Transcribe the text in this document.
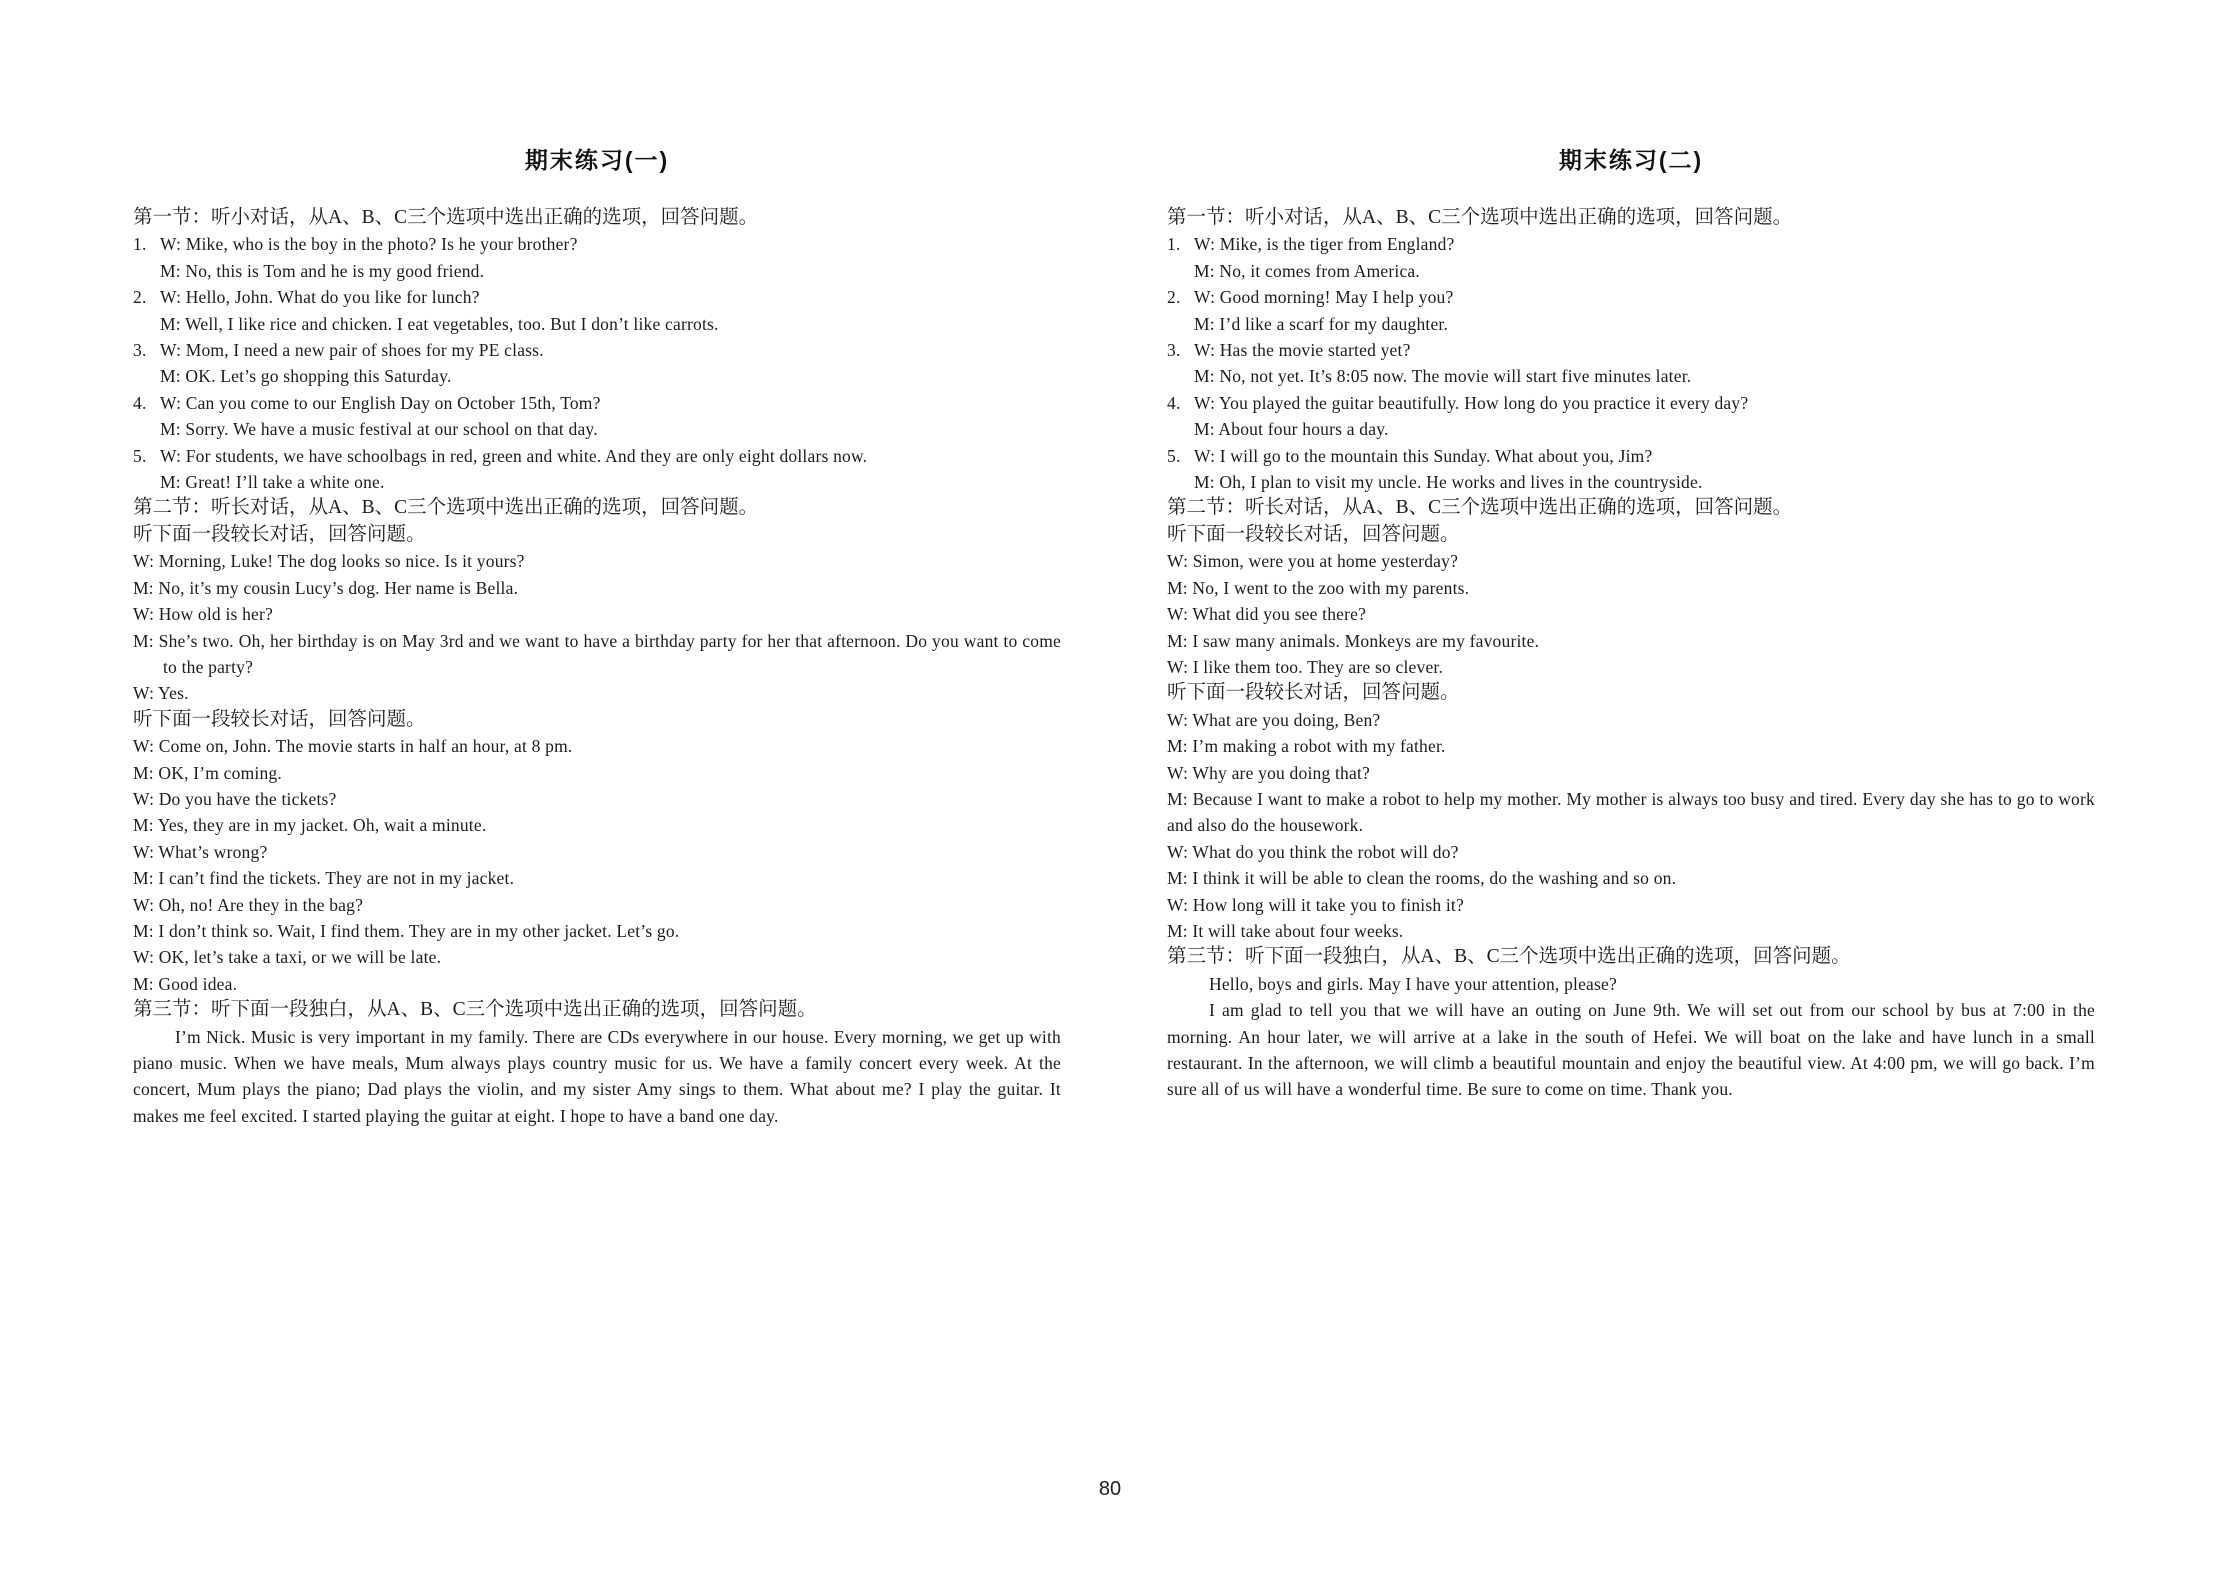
期末练习(一)
第一节：听小对话，从A、B、C三个选项中选出正确的选项，回答问题。
1. W: Mike, who is the boy in the photo? Is he your brother?
M: No, this is Tom and he is my good friend.
2. W: Hello, John. What do you like for lunch?
M: Well, I like rice and chicken. I eat vegetables, too. But I don’t like carrots.
3. W: Mom, I need a new pair of shoes for my PE class.
M: OK. Let’s go shopping this Saturday.
4. W: Can you come to our English Day on October 15th, Tom?
M: Sorry. We have a music festival at our school on that day.
5. W: For students, we have schoolbags in red, green and white. And they are only eight dollars now.
M: Great! I’ll take a white one.
第二节：听长对话，从A、B、C三个选项中选出正确的选项，回答问题。
听下面一段较长对话，回答问题。
W: Morning, Luke! The dog looks so nice. Is it yours?
M: No, it’s my cousin Lucy’s dog. Her name is Bella.
W: How old is her?
M: She’s two. Oh, her birthday is on May 3rd and we want to have a birthday party for her that afternoon. Do you want to come to the party?
W: Yes.
听下面一段较长对话，回答问题。
W: Come on, John. The movie starts in half an hour, at 8 pm.
M: OK, I’m coming.
W: Do you have the tickets?
M: Yes, they are in my jacket. Oh, wait a minute.
W: What’s wrong?
M: I can’t find the tickets. They are not in my jacket.
W: Oh, no! Are they in the bag?
M: I don’t think so. Wait, I find them. They are in my other jacket. Let’s go.
W: OK, let’s take a taxi, or we will be late.
M: Good idea.
第三节：听下面一段独白，从A、B、C三个选项中选出正确的选项，回答问题。
I’m Nick. Music is very important in my family. There are CDs everywhere in our house. Every morning, we get up with piano music. When we have meals, Mum always plays country music for us. We have a family concert every week. At the concert, Mum plays the piano; Dad plays the violin, and my sister Amy sings to them. What about me? I play the guitar. It makes me feel excited. I started playing the guitar at eight. I hope to have a band one day.
期末练习(二)
第一节：听小对话，从A、B、C三个选项中选出正确的选项，回答问题。
1. W: Mike, is the tiger from England?
M: No, it comes from America.
2. W: Good morning! May I help you?
M: I’d like a scarf for my daughter.
3. W: Has the movie started yet?
M: No, not yet. It’s 8:05 now. The movie will start five minutes later.
4. W: You played the guitar beautifully. How long do you practice it every day?
M: About four hours a day.
5. W: I will go to the mountain this Sunday. What about you, Jim?
M: Oh, I plan to visit my uncle. He works and lives in the countryside.
第二节：听长对话，从A、B、C三个选项中选出正确的选项，回答问题。
听下面一段较长对话，回答问题。
W: Simon, were you at home yesterday?
M: No, I went to the zoo with my parents.
W: What did you see there?
M: I saw many animals. Monkeys are my favourite.
W: I like them too. They are so clever.
听下面一段较长对话，回答问题。
W: What are you doing, Ben?
M: I’m making a robot with my father.
W: Why are you doing that?
M: Because I want to make a robot to help my mother. My mother is always too busy and tired. Every day she has to go to work and also do the housework.
W: What do you think the robot will do?
M: I think it will be able to clean the rooms, do the washing and so on.
W: How long will it take you to finish it?
M: It will take about four weeks.
第三节：听下面一段独白，从A、B、C三个选项中选出正确的选项，回答问题。
Hello, boys and girls. May I have your attention, please?
I am glad to tell you that we will have an outing on June 9th. We will set out from our school by bus at 7:00 in the morning. An hour later, we will arrive at a lake in the south of Hefei. We will boat on the lake and have lunch in a small restaurant. In the afternoon, we will climb a beautiful mountain and enjoy the beautiful view. At 4:00 pm, we will go back. I’m sure all of us will have a wonderful time. Be sure to come on time. Thank you.
80
